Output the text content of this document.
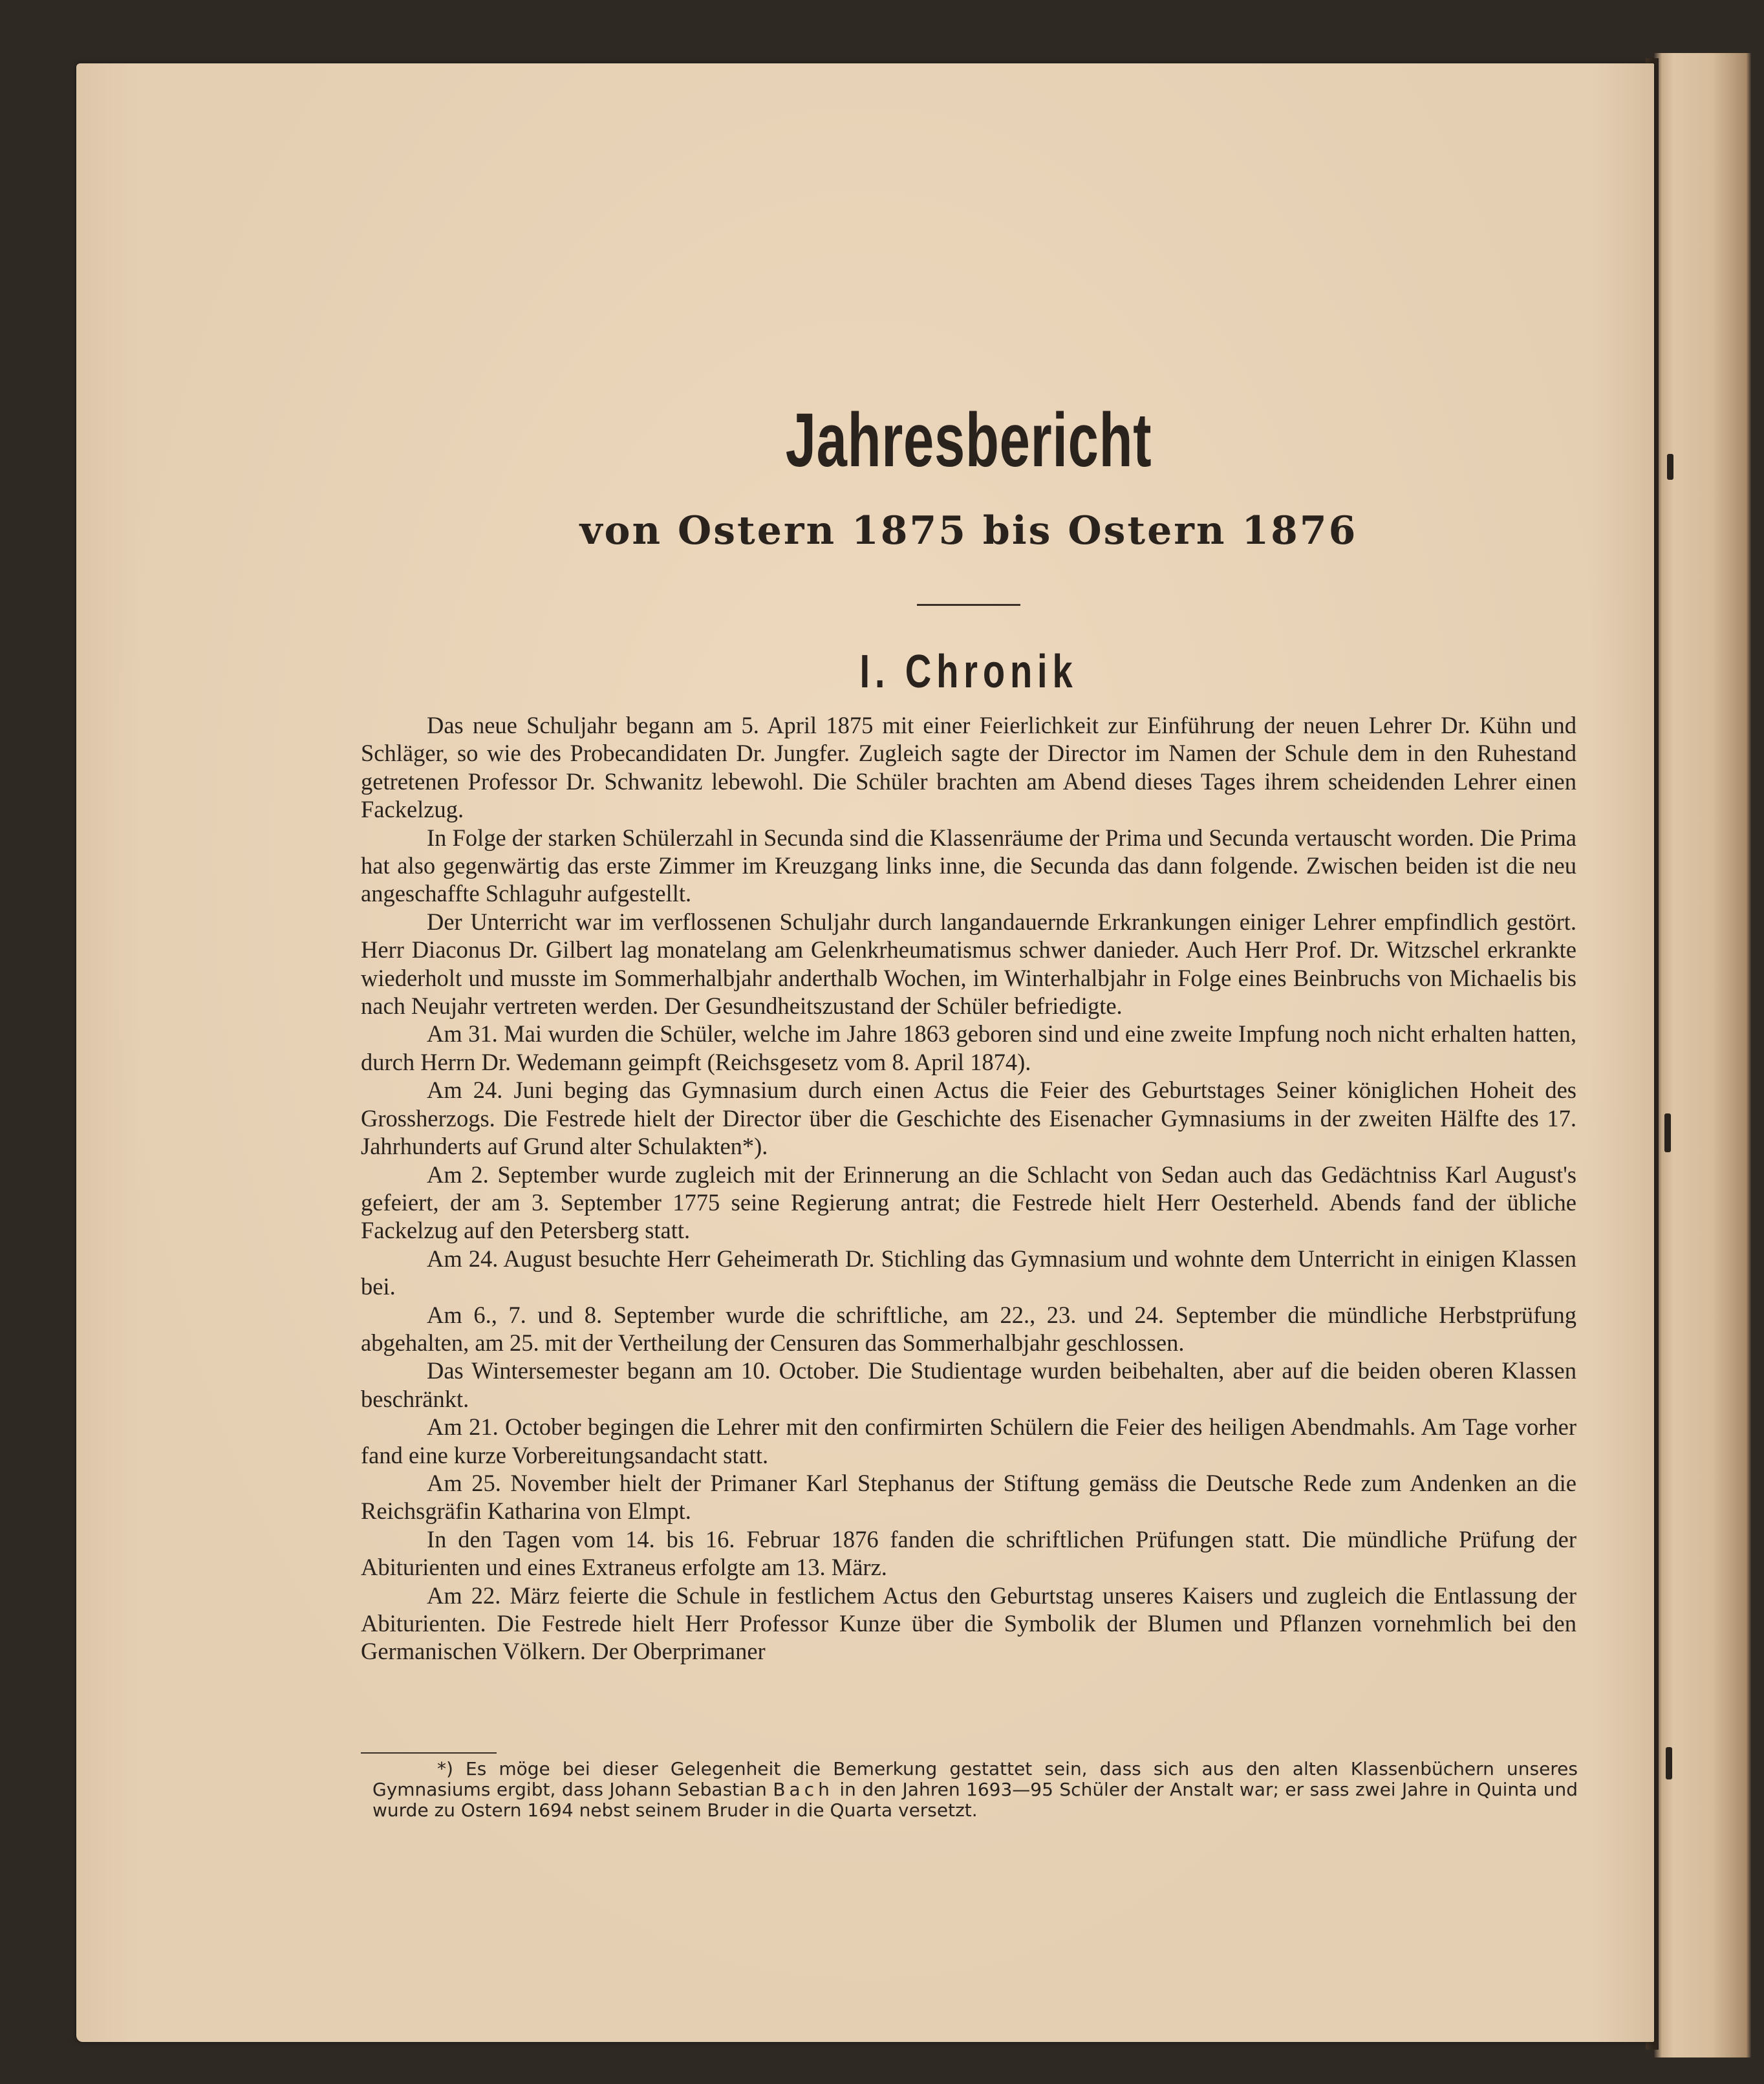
Jahresbericht
von Ostern 1875 bis Ostern 1876
I. Chronik

Das neue Schuljahr begann am 5. April 1875 mit einer Feierlichkeit zur Einführung der neuen Lehrer Dr. Kühn und Schläger, so wie des Probecandidaten Dr. Jungfer. Zugleich sagte der Director im Namen der Schule dem in den Ruhestand getretenen Professor Dr. Schwanitz lebewohl. Die Schüler brachten am Abend dieses Tages ihrem scheidenden Lehrer einen Fackelzug.

In Folge der starken Schülerzahl in Secunda sind die Klassenräume der Prima und Secunda vertauscht worden. Die Prima hat also gegenwärtig das erste Zimmer im Kreuzgang links inne, die Secunda das dann folgende. Zwischen beiden ist die neu angeschaffte Schlaguhr aufgestellt.

Der Unterricht war im verflossenen Schuljahr durch langandauernde Erkrankungen einiger Lehrer empfindlich gestört. Herr Diaconus Dr. Gilbert lag monatelang am Gelenkrheumatismus schwer danieder. Auch Herr Prof. Dr. Witzschel erkrankte wiederholt und musste im Sommerhalbjahr anderthalb Wochen, im Winterhalbjahr in Folge eines Beinbruchs von Michaelis bis nach Neujahr vertreten werden. Der Gesundheitszustand der Schüler befriedigte.

Am 31. Mai wurden die Schüler, welche im Jahre 1863 geboren sind und eine zweite Impfung noch nicht erhalten hatten, durch Herrn Dr. Wedemann geimpft (Reichsgesetz vom 8. April 1874).

Am 24. Juni beging das Gymnasium durch einen Actus die Feier des Geburtstages Seiner königlichen Hoheit des Grossherzogs. Die Festrede hielt der Director über die Geschichte des Eisenacher Gymnasiums in der zweiten Hälfte des 17. Jahrhunderts auf Grund alter Schulakten*).

Am 2. September wurde zugleich mit der Erinnerung an die Schlacht von Sedan auch das Gedächtniss Karl August's gefeiert, der am 3. September 1775 seine Regierung antrat; die Festrede hielt Herr Oesterheld. Abends fand der übliche Fackelzug auf den Petersberg statt.

Am 24. August besuchte Herr Geheimerath Dr. Stichling das Gymnasium und wohnte dem Unterricht in einigen Klassen bei.

Am 6., 7. und 8. September wurde die schriftliche, am 22., 23. und 24. September die mündliche Herbstprüfung abgehalten, am 25. mit der Vertheilung der Censuren das Sommerhalbjahr geschlossen.

Das Wintersemester begann am 10. October. Die Studientage wurden beibehalten, aber auf die beiden oberen Klassen beschränkt.

Am 21. October begingen die Lehrer mit den confirmirten Schülern die Feier des heiligen Abendmahls. Am Tage vorher fand eine kurze Vorbereitungsandacht statt.

Am 25. November hielt der Primaner Karl Stephanus der Stiftung gemäss die Deutsche Rede zum Andenken an die Reichsgräfin Katharina von Elmpt.

In den Tagen vom 14. bis 16. Februar 1876 fanden die schriftlichen Prüfungen statt. Die mündliche Prüfung der Abiturienten und eines Extraneus erfolgte am 13. März.

Am 22. März feierte die Schule in festlichem Actus den Geburtstag unseres Kaisers und zugleich die Entlassung der Abiturienten. Die Festrede hielt Herr Professor Kunze über die Symbolik der Blumen und Pflanzen vornehmlich bei den Germanischen Völkern. Der Oberprimaner

*) Es möge bei dieser Gelegenheit die Bemerkung gestattet sein, dass sich aus den alten Klassenbüchern unseres Gymnasiums ergibt, dass Johann Sebastian Bach in den Jahren 1693—95 Schüler der Anstalt war; er sass zwei Jahre in Quinta und wurde zu Ostern 1694 nebst seinem Bruder in die Quarta versetzt.
